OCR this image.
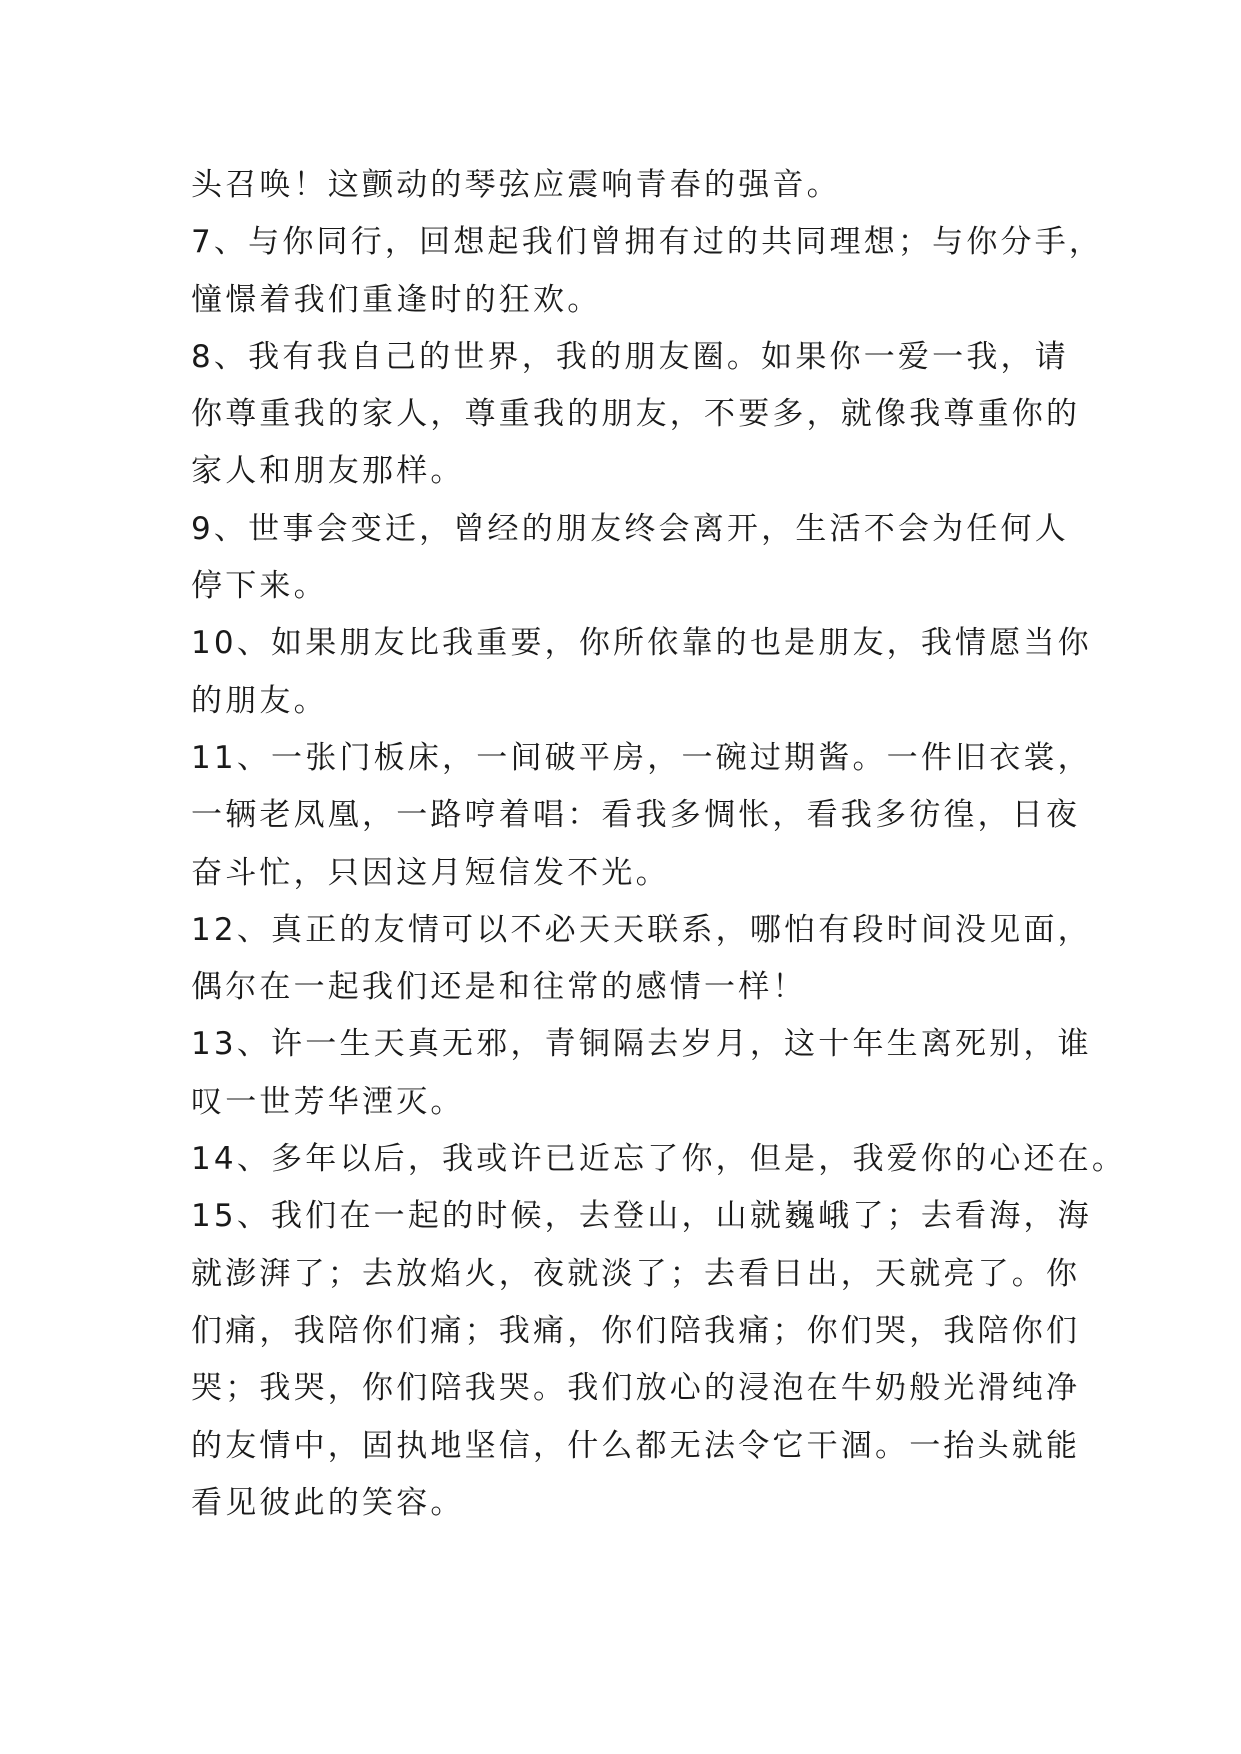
头召唤！这颤动的琴弦应震响青春的强音。
7、与你同行，回想起我们曾拥有过的共同理想；与你分手，
憧憬着我们重逢时的狂欢。
8、我有我自己的世界，我的朋友圈。如果你一爱一我，请
你尊重我的家人，尊重我的朋友，不要多，就像我尊重你的
家人和朋友那样。
9、世事会变迁，曾经的朋友终会离开，生活不会为任何人
停下来。
10、如果朋友比我重要，你所依靠的也是朋友，我情愿当你
的朋友。
11、一张门板床，一间破平房，一碗过期酱。一件旧衣裳，
一辆老凤凰，一路哼着唱：看我多惆怅，看我多彷徨，日夜
奋斗忙，只因这月短信发不光。
12、真正的友情可以不必天天联系，哪怕有段时间没见面，
偶尔在一起我们还是和往常的感情一样！
13、许一生天真无邪，青铜隔去岁月，这十年生离死别，谁
叹一世芳华湮灭。
14、多年以后，我或许已近忘了你，但是，我爱你的心还在。
15、我们在一起的时候，去登山，山就巍峨了；去看海，海
就澎湃了；去放焰火，夜就淡了；去看日出，天就亮了。你
们痛，我陪你们痛；我痛，你们陪我痛；你们哭，我陪你们
哭；我哭，你们陪我哭。我们放心的浸泡在牛奶般光滑纯净
的友情中，固执地坚信，什么都无法令它干涸。一抬头就能
看见彼此的笑容。
